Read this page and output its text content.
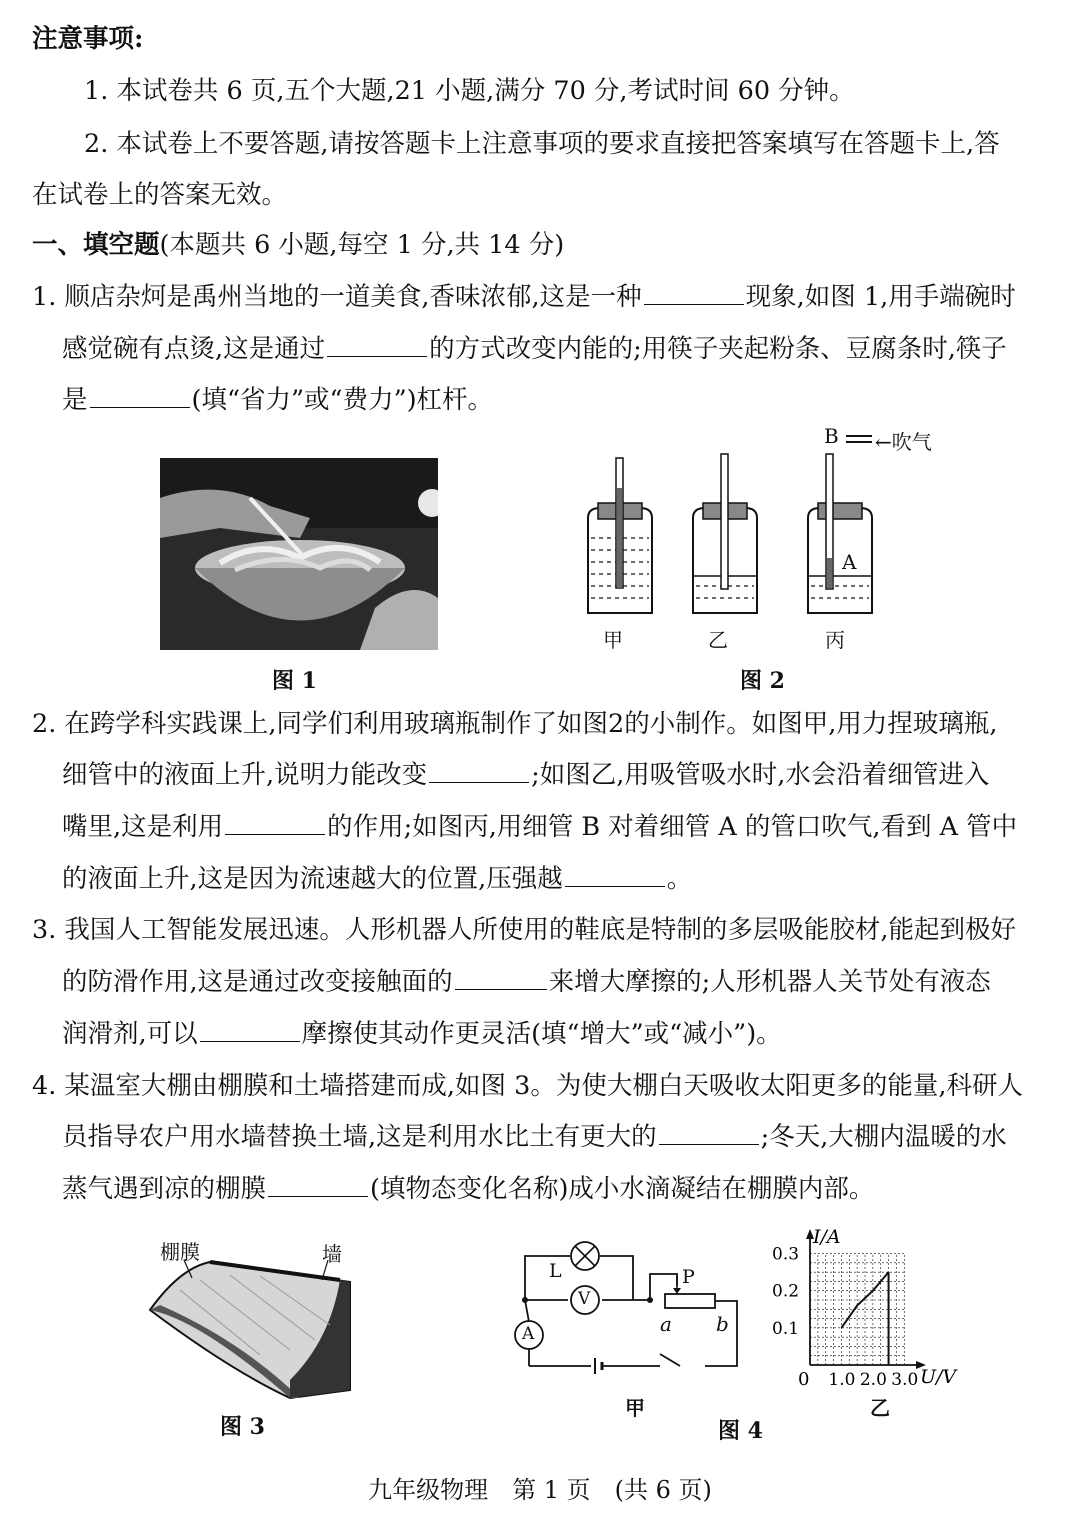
注意事项:
1. 本试卷共 6 页,五个大题,21 小题,满分 70 分,考试时间 60 分钟。
2. 本试卷上不要答题,请按答题卡上注意事项的要求直接把答案填写在答题卡上,答
在试卷上的答案无效。
一、填空题(本题共 6 小题,每空 1 分,共 14 分)
1. 顺店杂炣是禹州当地的一道美食,香味浓郁,这是一种	现象,如图 1,用手端碗时
感觉碗有点烫,这是通过	的方式改变内能的;用筷子夹起粉条、豆腐条时,筷子
是	(填“省力”或“费力”)杠杆。
图 1
B ←吹气
A
甲	乙	丙
图 2
2. 在跨学科实践课上,同学们利用玻璃瓶制作了如图2的小制作。如图甲,用力捏玻璃瓶,
细管中的液面上升,说明力能改变	;如图乙,用吸管吸水时,水会沿着细管进入
嘴里,这是利用	的作用;如图丙,用细管 B 对着细管 A 的管口吹气,看到 A 管中
的液面上升,这是因为流速越大的位置,压强越	。
3. 我国人工智能发展迅速。人形机器人所使用的鞋底是特制的多层吸能胶材,能起到极好
的防滑作用,这是通过改变接触面的	来增大摩擦的;人形机器人关节处有液态
润滑剂,可以	摩擦使其动作更灵活(填“增大”或“减小”)。
4. 某温室大棚由棚膜和土墙搭建而成,如图 3。为使大棚白天吸收太阳更多的能量,科研人
员指导农户用水墙替换土墙,这是利用水比土有更大的	;冬天,大棚内温暖的水
蒸气遇到凉的棚膜	(填物态变化名称)成小水滴凝结在棚膜内部。
棚膜	墙
图 3
L
V
A
P
a b
甲
图 4
0.1
0.2
0.3
1.0 2.0 3.0
I/A
U/V
0
乙
九年级物理　第 1 页　(共 6 页)
